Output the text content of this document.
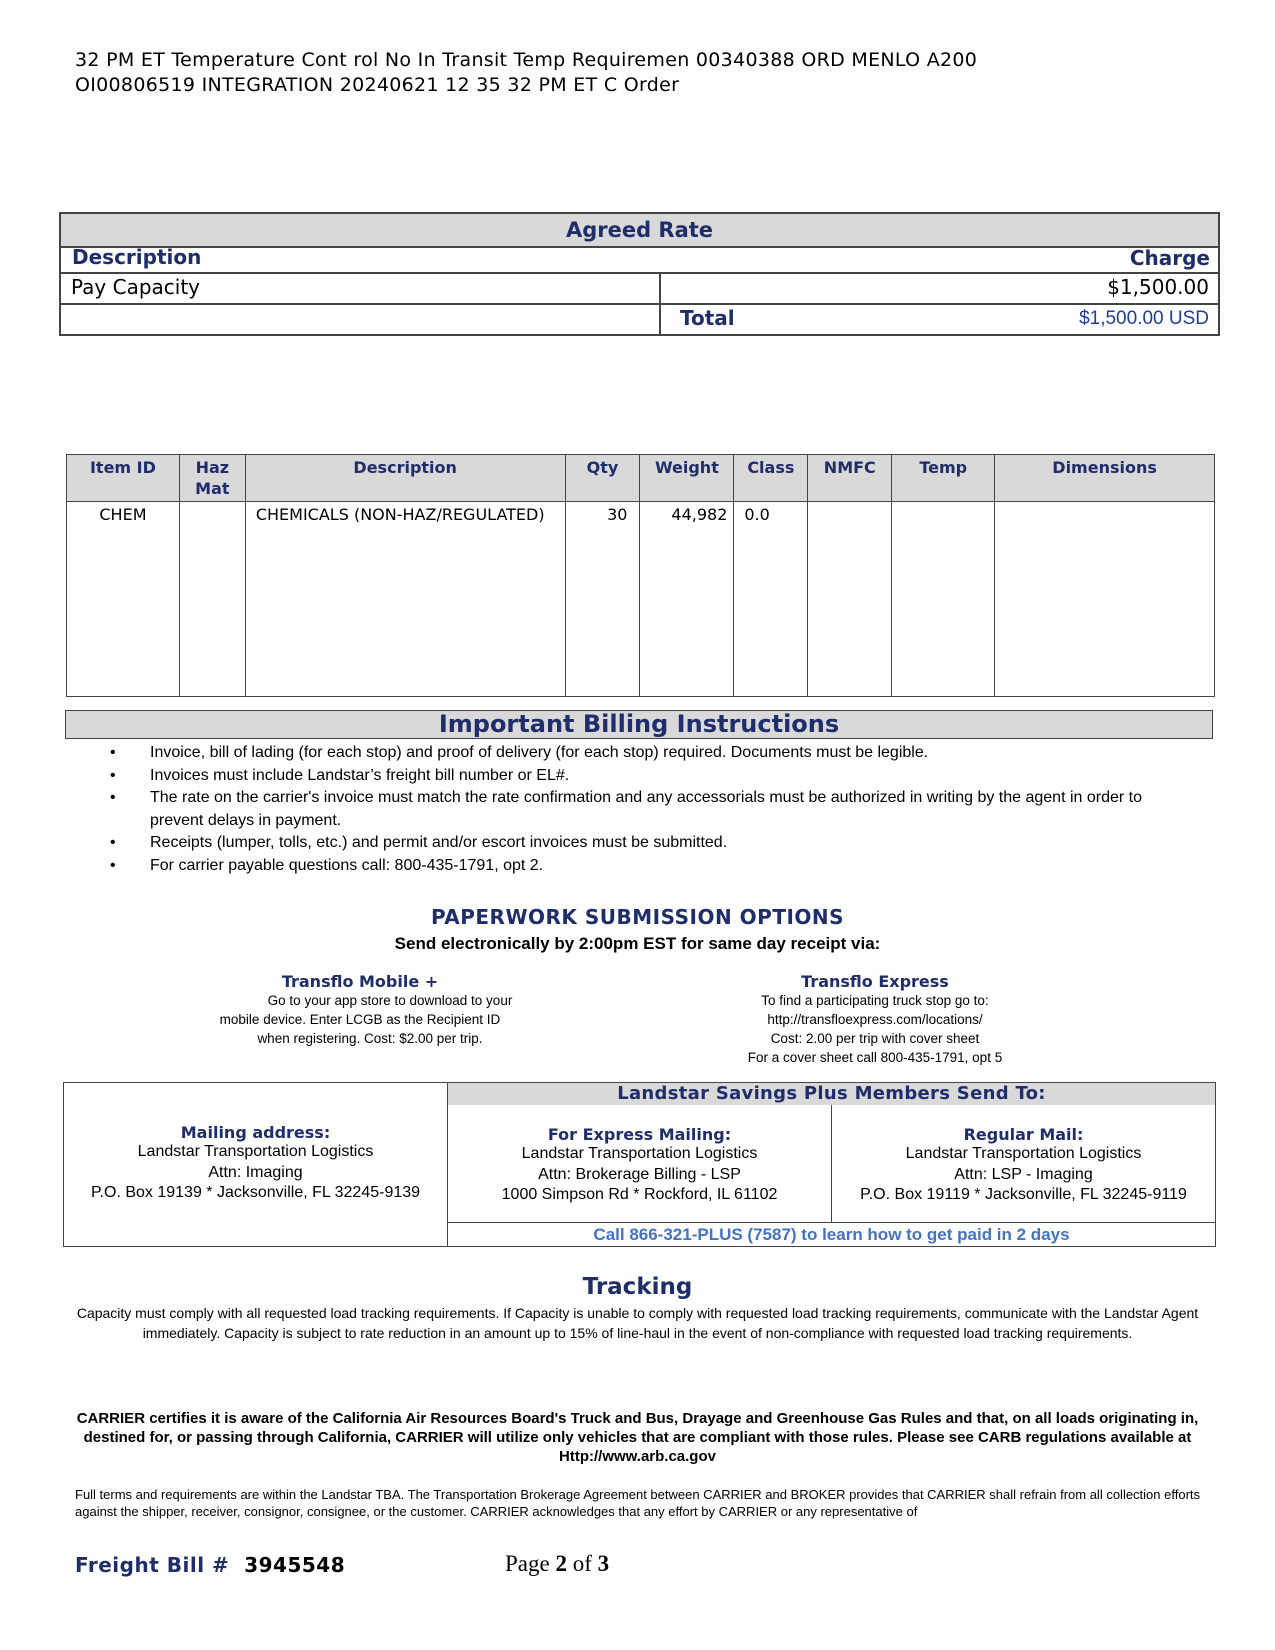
32 PM ET Temperature Cont rol No In Transit Temp Requiremen 00340388 ORD MENLO A200
OI00806519 INTEGRATION 20240621 12 35 32 PM ET C Order
Agreed Rate
Description	Charge
Pay Capacity	$1,500.00
Total	$1,500.00 USD
Item ID	Haz Mat	Description	Qty	Weight	Class	NMFC	Temp	Dimensions
CHEM		CHEMICALS (NON-HAZ/REGULATED)	30	44,982	0.0			
Important Billing Instructions
• Invoice, bill of lading (for each stop) and proof of delivery (for each stop) required. Documents must be legible.
• Invoices must include Landstar’s freight bill number or EL#.
• The rate on the carrier's invoice must match the rate confirmation and any accessorials must be authorized in writing by the agent in order to prevent delays in payment.
• Receipts (lumper, tolls, etc.) and permit and/or escort invoices must be submitted.
• For carrier payable questions call: 800-435-1791, opt 2.
PAPERWORK SUBMISSION OPTIONS
Send electronically by 2:00pm EST for same day receipt via:
Transflo Mobile +
Go to your app store to download to your
mobile device. Enter LCGB as the Recipient ID
when registering. Cost: $2.00 per trip.
Transflo Express
To find a participating truck stop go to:
http://transfloexpress.com/locations/
Cost: 2.00 per trip with cover sheet
For a cover sheet call 800-435-1791, opt 5
Mailing address:
Landstar Transportation Logistics
Attn: Imaging
P.O. Box 19139 * Jacksonville, FL 32245-9139
Landstar Savings Plus Members Send To:
For Express Mailing:
Landstar Transportation Logistics
Attn: Brokerage Billing - LSP
1000 Simpson Rd * Rockford, IL 61102
Regular Mail:
Landstar Transportation Logistics
Attn: LSP - Imaging
P.O. Box 19119 * Jacksonville, FL 32245-9119
Call 866-321-PLUS (7587) to learn how to get paid in 2 days
Tracking
Capacity must comply with all requested load tracking requirements. If Capacity is unable to comply with requested load tracking requirements, communicate with the Landstar Agent immediately. Capacity is subject to rate reduction in an amount up to 15% of line-haul in the event of non-compliance with requested load tracking requirements.
CARRIER certifies it is aware of the California Air Resources Board's Truck and Bus, Drayage and Greenhouse Gas Rules and that, on all loads originating in, destined for, or passing through California, CARRIER will utilize only vehicles that are compliant with those rules. Please see CARB regulations available at Http://www.arb.ca.gov
Full terms and requirements are within the Landstar TBA. The Transportation Brokerage Agreement between CARRIER and BROKER provides that CARRIER shall refrain from all collection efforts against the shipper, receiver, consignor, consignee, or the customer. CARRIER acknowledges that any effort by CARRIER or any representative of
Freight Bill # 3945548	Page 2 of 3
